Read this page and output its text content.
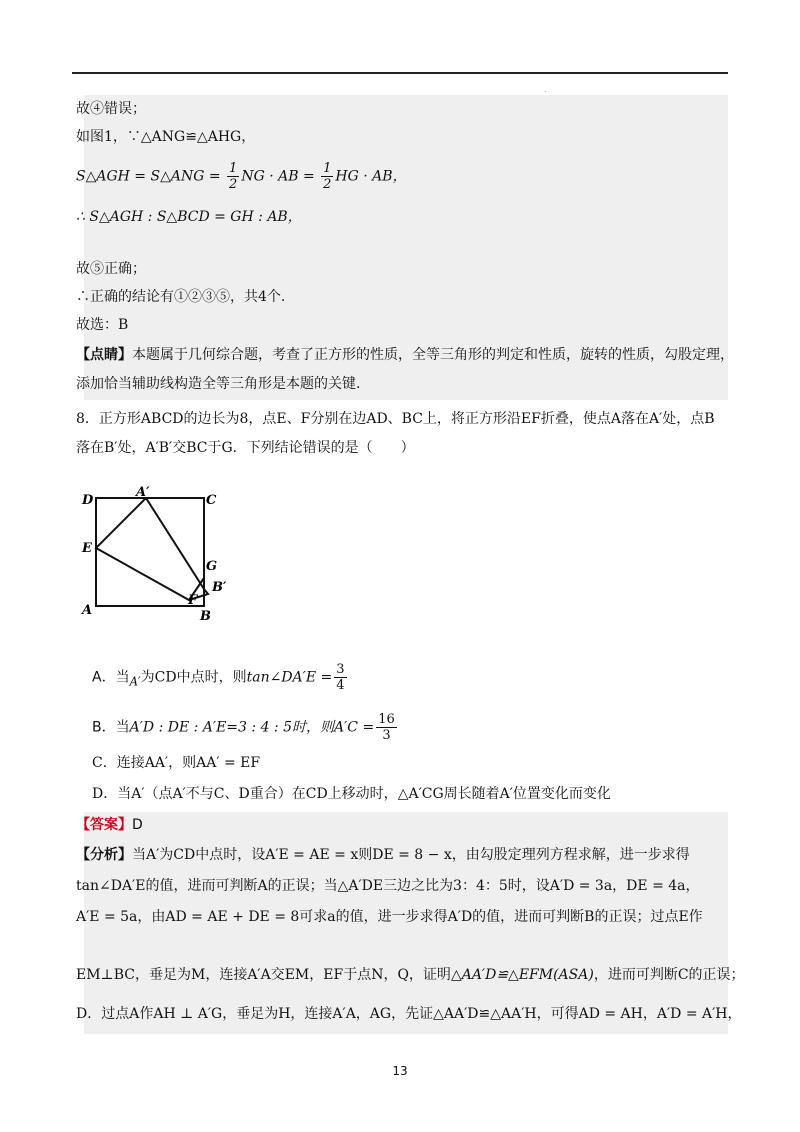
.
故④错误；
如图1，∵△ANG≌△AHG，
S△AGH = S△ANG = $\frac{1}{2}$ NG · AB = $\frac{1}{2}$ HG · AB，
∴ S△AGH : S△BCD = GH : AB，
故⑤正确；
∴正确的结论有①②③⑤，共4个.
故选：B
【点睛】本题属于几何综合题，考查了正方形的性质，全等三角形的判定和性质，旋转的性质，勾股定理，
添加恰当辅助线构造全等三角形是本题的关键.
8．正方形ABCD的边长为8，点E、F分别在边AD、BC上，将正方形沿EF折叠，使点A落在A′处，点B
落在B′处，A′B′交BC于G．下列结论错误的是（　　）
D
A′
C
E
G
B′
F
A	B
A．当$_{A'}$为CD中点时，则tan∠DA′E = $\frac{3}{4}$
B．当A′D : DE : A′E=3 : 4 : 5时，则$A'C = \frac{16}{3}$
C．连接AA′，则AA′ = EF
D．当A′（点A′不与C、D重合）在CD上移动时，△A′CG周长随着A′位置变化而变化
【答案】D
【分析】当A′为CD中点时，设A′E = AE = x则DE = 8 − x，由勾股定理列方程求解，进一步求得
tan∠DA′E的值，进而可判断A的正误；当△A′DE三边之比为3：4：5时，设A′D = 3a，DE = 4a，
A′E = 5a，由AD = AE + DE = 8可求a的值，进一步求得A′D的值，进而可判断B的正误；过点E作
EM⊥BC，垂足为M，连接A′A交EM，EF于点N，Q，证明△AA′D≌△EFM(ASA)，进而可判断C的正误；
D．过点A作AH ⊥ A′G，垂足为H，连接A′A，AG，先证△AA′D≌△AA′H，可得AD = AH，A′D = A′H，
13
